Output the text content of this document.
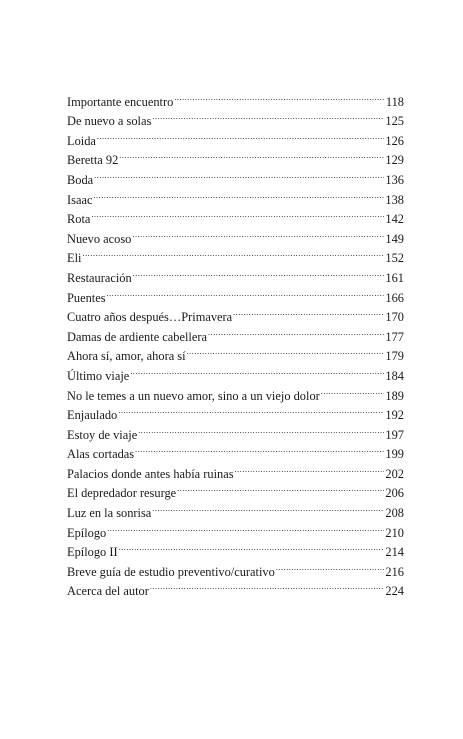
Importante encuentro .....	118
De nuevo a solas .....	125
Loida .....	126
Beretta 92 .....	129
Boda .....	136
Isaac .....	138
Rota .....	142
Nuevo acoso .....	149
Eli .....	152
Restauración .....	161
Puentes .....	166
Cuatro años después…Primavera .....	170
Damas de ardiente cabellera .....	177
Ahora sí, amor, ahora sí .....	179
Último viaje .....	184
No le temes a un nuevo amor, sino a un viejo dolor .....	189
Enjaulado .....	192
Estoy de viaje .....	197
Alas cortadas .....	199
Palacios donde antes había ruinas .....	202
El depredador resurge .....	206
Luz en la sonrisa .....	208
Epílogo .....	210
Epílogo II .....	214
Breve guía de estudio preventivo/curativo .....	216
Acerca del autor .....	224
